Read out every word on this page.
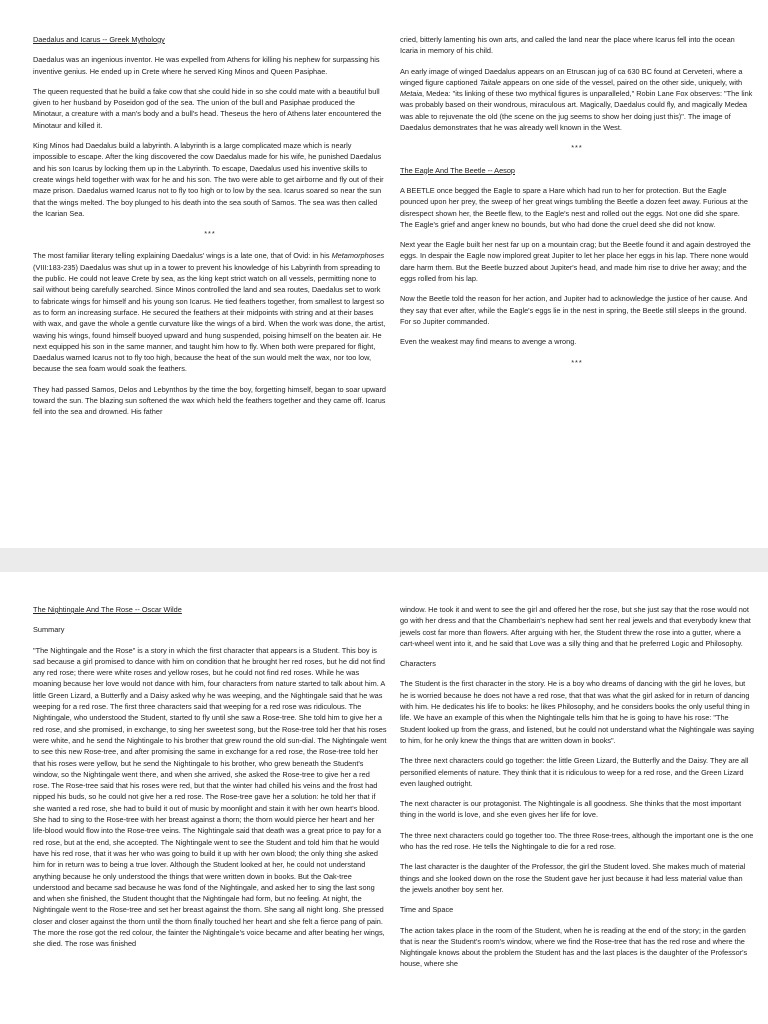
Daedalus and Icarus -- Greek Mythology

Daedalus was an ingenious inventor. He was expelled from Athens for killing his nephew for surpassing his inventive genius. He ended up in Crete where he served King Minos and Queen Pasiphae.

The queen requested that he build a fake cow that she could hide in so she could mate with a beautiful bull given to her husband by Poseidon god of the sea. The union of the bull and Pasiphae produced the Minotaur, a creature with a man's body and a bull's head. Theseus the hero of Athens later encountered the Minotaur and killed it.

King Minos had Daedalus build a labyrinth. A labyrinth is a large complicated maze which is nearly impossible to escape. After the king discovered the cow Daedalus made for his wife, he punished Daedalus and his son Icarus by locking them up in the Labyrinth. To escape, Daedalus used his inventive skills to create wings held together with wax for he and his son. The two were able to get airborne and fly out of their maze prison. Daedalus warned Icarus not to fly too high or to low by the sea. Icarus soared so near the sun that the wings melted. The boy plunged to his death into the sea south of Samos. The sea was then called the Icarian Sea.

***

The most familiar literary telling explaining Daedalus' wings is a late one, that of Ovid: in his Metamorphoses (VIII:183-235) Daedalus was shut up in a tower to prevent his knowledge of his Labyrinth from spreading to the public. He could not leave Crete by sea, as the king kept strict watch on all vessels, permitting none to sail without being carefully searched. Since Minos controlled the land and sea routes, Daedalus set to work to fabricate wings for himself and his young son Icarus. He tied feathers together, from smallest to largest so as to form an increasing surface. He secured the feathers at their midpoints with string and at their bases with wax, and gave the whole a gentle curvature like the wings of a bird. When the work was done, the artist, waving his wings, found himself buoyed upward and hung suspended, poising himself on the beaten air. He next equipped his son in the same manner, and taught him how to fly. When both were prepared for flight, Daedalus warned Icarus not to fly too high, because the heat of the sun would melt the wax, nor too low, because the sea foam would soak the feathers.

They had passed Samos, Delos and Lebynthos by the time the boy, forgetting himself, began to soar upward toward the sun. The blazing sun softened the wax which held the feathers together and they came off. Icarus fell into the sea and drowned. His father

cried, bitterly lamenting his own arts, and called the land near the place where Icarus fell into the ocean Icaria in memory of his child.

An early image of winged Daedalus appears on an Etruscan jug of ca 630 BC found at Cerveteri, where a winged figure captioned Taitale appears on one side of the vessel, paired on the other side, uniquely, with Metaia, Medea: "its linking of these two mythical figures is unparalleled," Robin Lane Fox observes: "The link was probably based on their wondrous, miraculous art. Magically, Daedalus could fly, and magically Medea was able to rejuvenate the old (the scene on the jug seems to show her doing just this)". The image of Daedalus demonstrates that he was already well known in the West.

***
The Eagle And The Beetle -- Aesop

A BEETLE once begged the Eagle to spare a Hare which had run to her for protection. But the Eagle pounced upon her prey, the sweep of her great wings tumbling the Beetle a dozen feet away. Furious at the disrespect shown her, the Beetle flew, to the Eagle's nest and rolled out the eggs. Not one did she spare. The Eagle's grief and anger knew no bounds, but who had done the cruel deed she did not know.

Next year the Eagle built her nest far up on a mountain crag; but the Beetle found it and again destroyed the eggs. In despair the Eagle now implored great Jupiter to let her place her eggs in his lap. There none would dare harm them. But the Beetle buzzed about Jupiter's head, and made him rise to drive her away; and the eggs rolled from his lap.

Now the Beetle told the reason for her action, and Jupiter had to acknowledge the justice of her cause. And they say that ever after, while the Eagle's eggs lie in the nest in spring, the Beetle still sleeps in the ground. For so Jupiter commanded.

Even the weakest may find means to avenge a wrong.

***
The Nightingale And The Rose -- Oscar Wilde
Summary

"The Nightingale and the Rose" is a story in which the first character that appears is a Student. This boy is sad because a girl promised to dance with him on condition that he brought her red roses, but he did not find any red rose; there were white roses and yellow roses, but he could not find red roses. While he was moaning because her love would not dance with him, four characters from nature started to talk about him. A little Green Lizard, a Butterfly and a Daisy asked why he was weeping, and the Nightingale said that he was weeping for a red rose. The first three characters said that weeping for a red rose was ridiculous. The Nightingale, who understood the Student, started to fly until she saw a Rose-tree. She told him to give her a red rose, and she promised, in exchange, to sing her sweetest song, but the Rose-tree told her that his roses were white, and he send the Nightingale to his brother that grew round the old sun-dial. The Nightingale went to see this new Rose-tree, and after promising the same in exchange for a red rose, the Rose-tree told her that his roses were yellow, but he send the Nightingale to his brother, who grew beneath the Student's window, so the Nightingale went there, and when she arrived, she asked the Rose-tree to give her a red rose. The Rose-tree said that his roses were red, but that the winter had chilled his veins and the frost had nipped his buds, so he could not give her a red rose. The Rose-tree gave her a solution: he told her that if she wanted a red rose, she had to build it out of music by moonlight and stain it with her own heart's blood. She had to sing to the Rose-tree with her breast against a thorn; the thorn would pierce her heart and her life-blood would flow into the Rose-tree veins. The Nightingale said that death was a great price to pay for a red rose, but at the end, she accepted. The Nightingale went to see the Student and told him that he would have his red rose, that it was her who was going to build it up with her own blood; the only thing she asked him for in return was to being a true lover. Although the Student looked at her, he could not understand anything because he only understood the things that were written down in books. But the Oak-tree understood and became sad because he was fond of the Nightingale, and asked her to sing the last song and when she finished, the Student thought that the Nightingale had form, but no feeling. At night, the Nightingale went to the Rose-tree and set her breast against the thorn. She sang all night long. She pressed closer and closer against the thorn until the thorn finally touched her heart and she felt a fierce pang of pain. The more the rose got the red colour, the fainter the Nightingale's voice became and after beating her wings, she died. The rose was finished

window. He took it and went to see the girl and offered her the rose, but she just say that the rose would not go with her dress and that the Chamberlain's nephew had sent her real jewels and that everybody knew that jewels cost far more than flowers. After arguing with her, the Student threw the rose into a gutter, where a cart-wheel went into it, and he said that Love was a silly thing and that he preferred Logic and Philosophy.

Characters

The Student is the first character in the story. He is a boy who dreams of dancing with the girl he loves, but he is worried because he does not have a red rose, that that was what the girl asked for in return of dancing with him. He dedicates his life to books: he likes Philosophy, and he considers books the only useful thing in life. We have an example of this when the Nightingale tells him that he is going to have his rose: "The Student looked up from the grass, and listened, but he could not understand what the Nightingale was saying to him, for he only knew the things that are written down in books".

The three next characters could go together: the little Green Lizard, the Butterfly and the Daisy. They are all personified elements of nature. They think that it is ridiculous to weep for a red rose, and the Green Lizard even laughed outright.

The next character is our protagonist. The Nightingale is all goodness. She thinks that the most important thing in the world is love, and she even gives her life for love.

The three next characters could go together too. The three Rose-trees, although the important one is the one who has the red rose. He tells the Nightingale to die for a red rose.

The last character is the daughter of the Professor, the girl the Student loved. She makes much of material things and she looked down on the rose the Student gave her just because it had less material value than the jewels another boy sent her.

Time and Space

The action takes place in the room of the Student, when he is reading at the end of the story; in the garden that is near the Student's room's window, where we find the Rose-tree that has the red rose and where the Nightingale knows about the problem the Student has and the last places is the daughter of the Professor's house, where she
